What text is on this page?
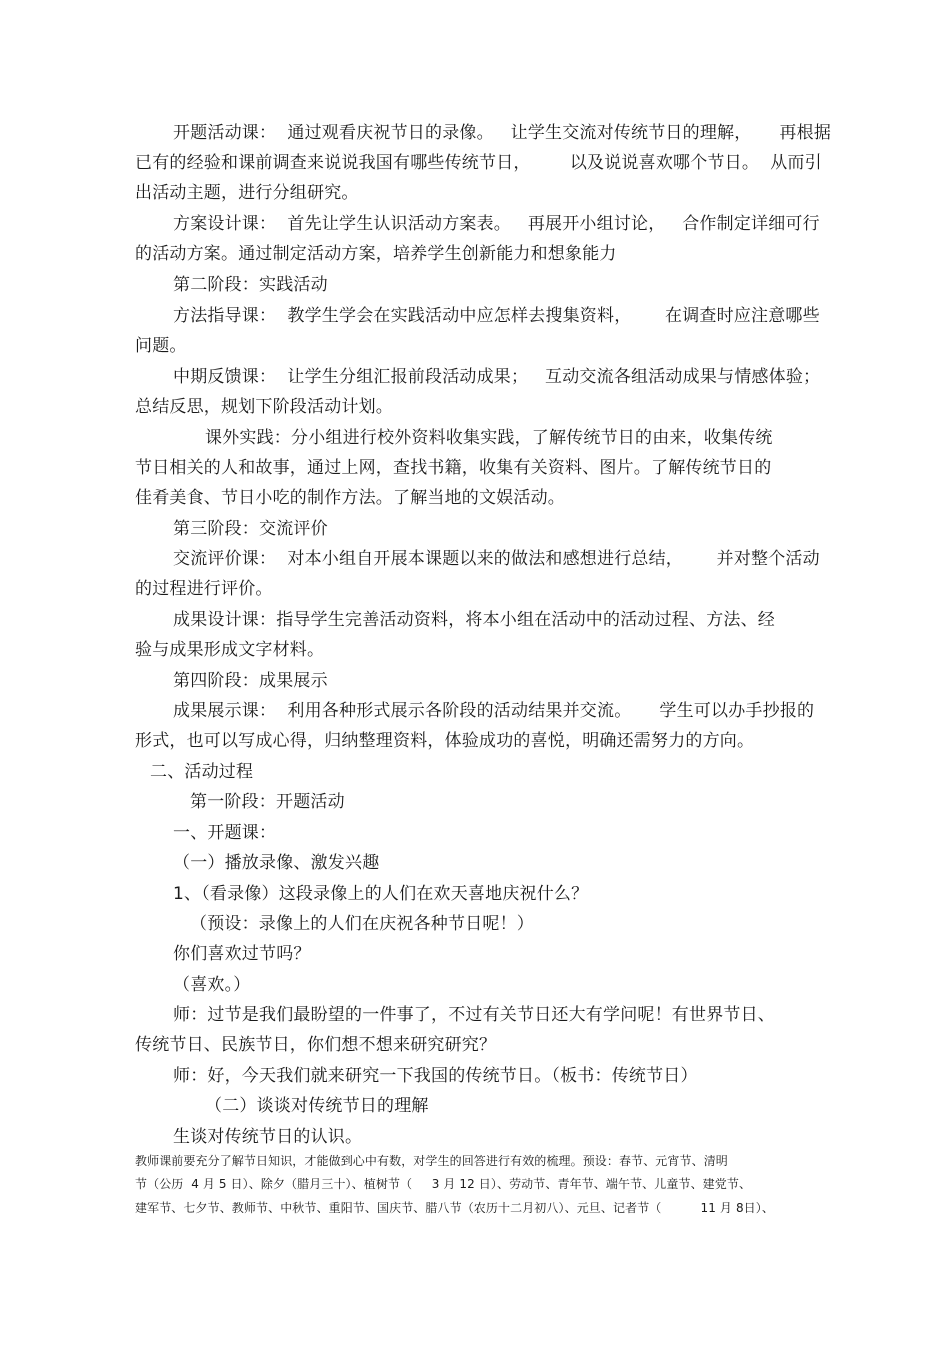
开题活动课：  通过观看庆祝节日的录像。   让学生交流对传统节日的理解，     再根据

已有的经验和课前调查来说说我国有哪些传统节日，       以及说说喜欢哪个节日。  从而引

出活动主题，进行分组研究。

方案设计课：  首先让学生认识活动方案表。   再展开小组讨论，   合作制定详细可行

的活动方案。通过制定活动方案，培养学生创新能力和想象能力

第二阶段：实践活动

方法指导课：  教学生学会在实践活动中应怎样去搜集资料，      在调查时应注意哪些

问题。

中期反馈课：  让学生分组汇报前段活动成果；   互动交流各组活动成果与情感体验；

总结反思，规划下阶段活动计划。

课外实践：分小组进行校外资料收集实践，了解传统节日的由来，收集传统

节日相关的人和故事，通过上网，查找书籍，收集有关资料、图片。了解传统节日的

佳肴美食、节日小吃的制作方法。了解当地的文娱活动。

第三阶段：交流评价

交流评价课：  对本小组自开展本课题以来的做法和感想进行总结，      并对整个活动

的过程进行评价。

成果设计课：指导学生完善活动资料，将本小组在活动中的活动过程、方法、经

验与成果形成文字材料。

第四阶段：成果展示

成果展示课：  利用各种形式展示各阶段的活动结果并交流。     学生可以办手抄报的

形式，也可以写成心得，归纳整理资料，体验成功的喜悦，明确还需努力的方向。

二、活动过程

第一阶段：开题活动

一、开题课：

（一）播放录像、激发兴趣

1、（看录像）这段录像上的人们在欢天喜地庆祝什么？

（预设：录像上的人们在庆祝各种节日呢！）

你们喜欢过节吗？

（喜欢。）

师：过节是我们最盼望的一件事了，不过有关节日还大有学问呢！有世界节日、

传统节日、民族节日，你们想不想来研究研究？

师：好，今天我们就来研究一下我国的传统节日。（板书：传统节日）

（二）谈谈对传统节日的理解

生谈对传统节日的认识。

教师课前要充分了解节日知识，才能做到心中有数，对学生的回答进行有效的梳理。预设：春节、元宵节、清明

节（公历  4 月 5 日）、除夕（腊月三十）、植树节（     3 月 12 日）、劳动节、青年节、端午节、儿童节、建党节、

建军节、七夕节、教师节、中秋节、重阳节、国庆节、腊八节（农历十二月初八）、元旦、记者节（          11 月 8日）、
